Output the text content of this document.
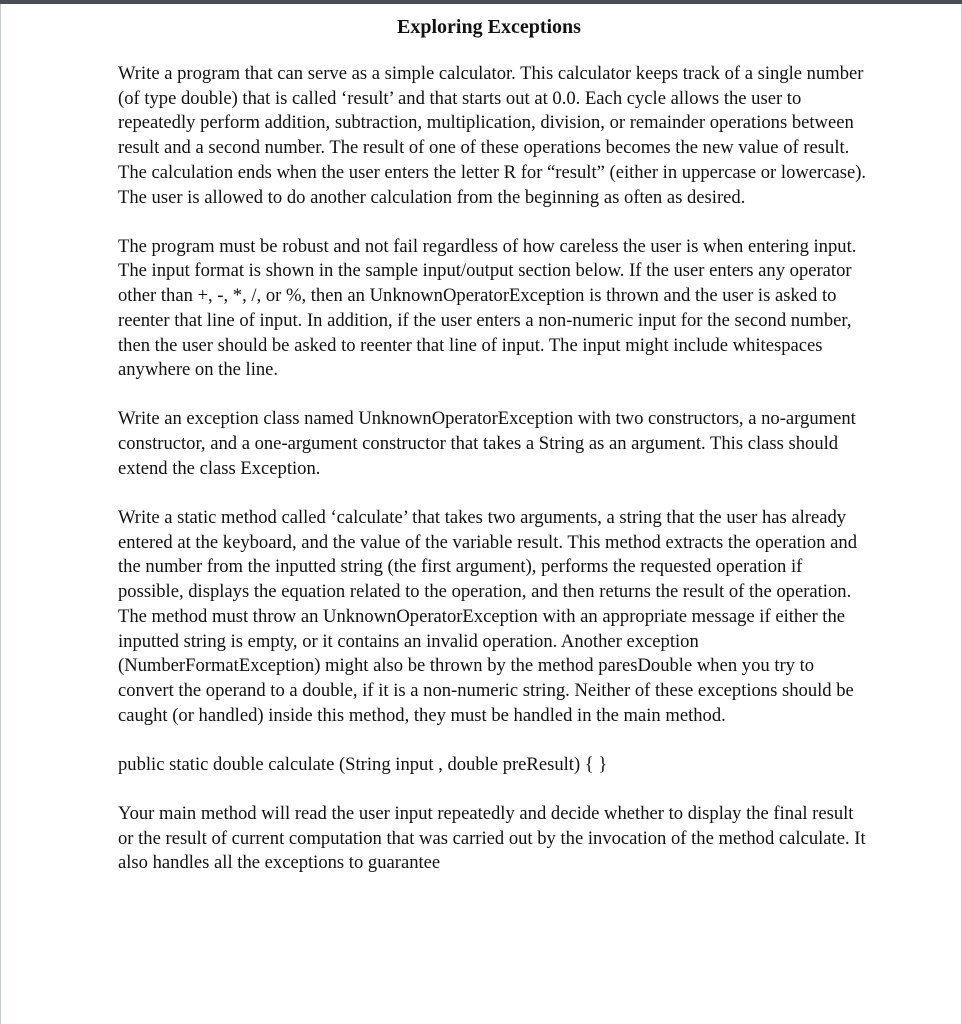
Exploring Exceptions

Write a program that can serve as a simple calculator. This calculator keeps track of a single number (of type double) that is called ‘result’ and that starts out at 0.0. Each cycle allows the user to repeatedly perform addition, subtraction, multiplication, division, or remainder operations between result and a second number. The result of one of these operations becomes the new value of result. The calculation ends when the user enters the letter R for “result” (either in uppercase or lowercase). The user is allowed to do another calculation from the beginning as often as desired.

The program must be robust and not fail regardless of how careless the user is when entering input. The input format is shown in the sample input/output section below. If the user enters any operator other than +, -, *, /, or %, then an UnknownOperatorException is thrown and the user is asked to reenter that line of input. In addition, if the user enters a non-numeric input for the second number, then the user should be asked to reenter that line of input. The input might include whitespaces anywhere on the line.

Write an exception class named UnknownOperatorException with two constructors, a no-argument constructor, and a one-argument constructor that takes a String as an argument. This class should extend the class Exception.

Write a static method called ‘calculate’ that takes two arguments, a string that the user has already entered at the keyboard, and the value of the variable result. This method extracts the operation and the number from the inputted string (the first argument), performs the requested operation if possible, displays the equation related to the operation, and then returns the result of the operation. The method must throw an UnknownOperatorException with an appropriate message if either the inputted string is empty, or it contains an invalid operation. Another exception (NumberFormatException) might also be thrown by the method paresDouble when you try to convert the operand to a double, if it is a non-numeric string. Neither of these exceptions should be caught (or handled) inside this method, they must be handled in the main method.

public static double calculate (String input , double preResult) { }

Your main method will read the user input repeatedly and decide whether to display the final result or the result of current computation that was carried out by the invocation of the method calculate. It also handles all the exceptions to guarantee
